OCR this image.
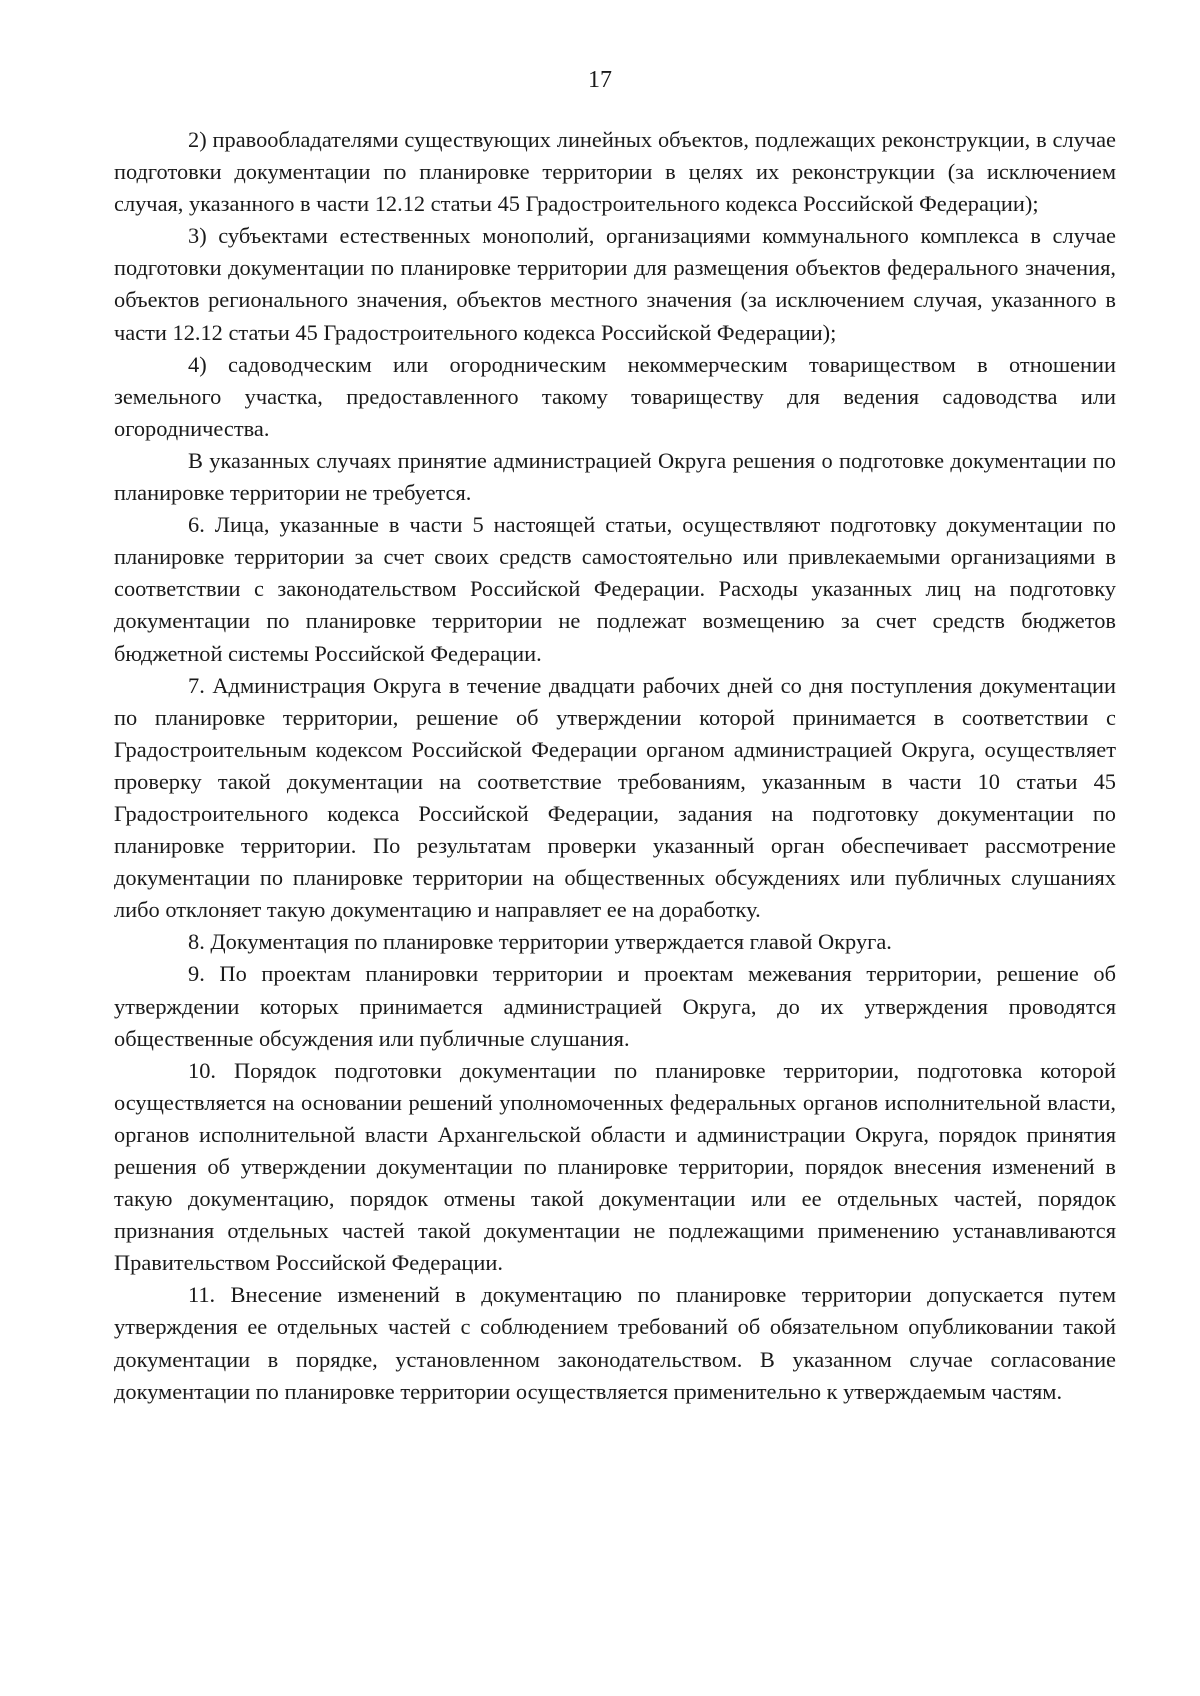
17

2) правообладателями существующих линейных объектов, подлежащих реконструкции, в случае подготовки документации по планировке территории в целях их реконструкции (за исключением случая, указанного в части 12.12 статьи 45 Градостроительного кодекса Российской Федерации);

3) субъектами естественных монополий, организациями коммунального комплекса в случае подготовки документации по планировке территории для размещения объектов федерального значения, объектов регионального значения, объектов местного значения (за исключением случая, указанного в части 12.12 статьи 45 Градостроительного кодекса Российской Федерации);

4) садоводческим или огородническим некоммерческим товариществом в отношении земельного участка, предоставленного такому товариществу для ведения садоводства или огородничества.

В указанных случаях принятие администрацией Округа решения о подготовке документации по планировке территории не требуется.

6. Лица, указанные в части 5 настоящей статьи, осуществляют подготовку документации по планировке территории за счет своих средств самостоятельно или привлекаемыми организациями в соответствии с законодательством Российской Федерации. Расходы указанных лиц на подготовку документации по планировке территории не подлежат возмещению за счет средств бюджетов бюджетной системы Российской Федерации.

7. Администрация Округа в течение двадцати рабочих дней со дня поступления документации по планировке территории, решение об утверждении которой принимается в соответствии с Градостроительным кодексом Российской Федерации органом администрацией Округа, осуществляет проверку такой документации на соответствие требованиям, указанным в части 10 статьи 45 Градостроительного кодекса Российской Федерации, задания на подготовку документации по планировке территории. По результатам проверки указанный орган обеспечивает рассмотрение документации по планировке территории на общественных обсуждениях или публичных слушаниях либо отклоняет такую документацию и направляет ее на доработку.

8. Документация по планировке территории утверждается главой Округа.

9. По проектам планировки территории и проектам межевания территории, решение об утверждении которых принимается администрацией Округа, до их утверждения проводятся общественные обсуждения или публичные слушания.

10. Порядок подготовки документации по планировке территории, подготовка которой осуществляется на основании решений уполномоченных федеральных органов исполнительной власти, органов исполнительной власти Архангельской области и администрации Округа, порядок принятия решения об утверждении документации по планировке территории, порядок внесения изменений в такую документацию, порядок отмены такой документации или ее отдельных частей, порядок признания отдельных частей такой документации не подлежащими применению устанавливаются Правительством Российской Федерации.

11. Внесение изменений в документацию по планировке территории допускается путем утверждения ее отдельных частей с соблюдением требований об обязательном опубликовании такой документации в порядке, установленном законодательством. В указанном случае согласование документации по планировке территории осуществляется применительно к утверждаемым частям.
